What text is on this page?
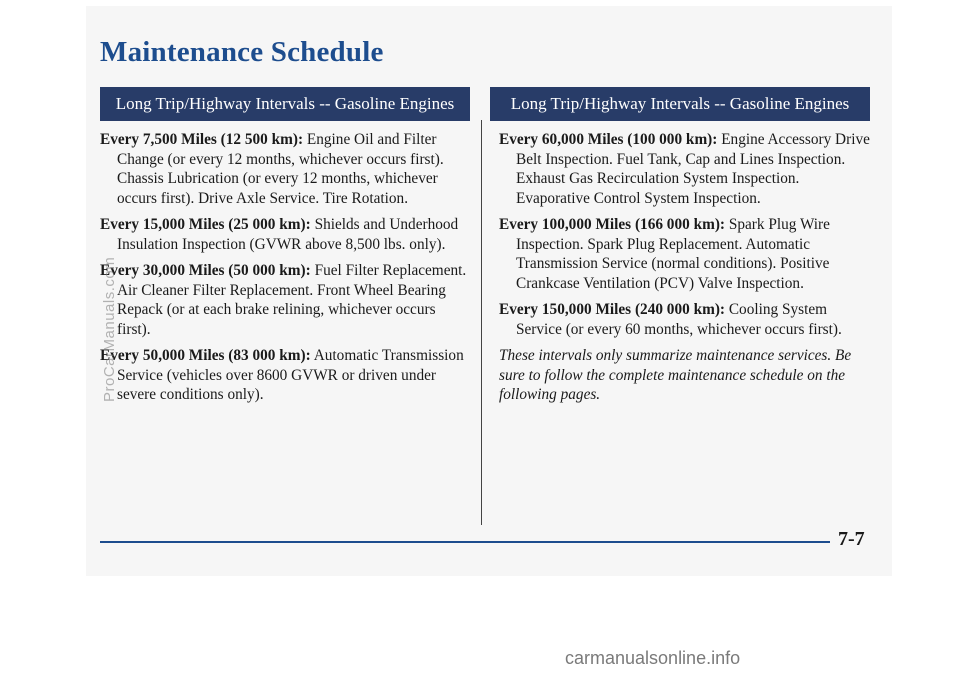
Maintenance Schedule
Long Trip/Highway Intervals -- Gasoline Engines	Long Trip/Highway Intervals -- Gasoline Engines

Every 7,500 Miles (12 500 km): Engine Oil and Filter Change (or every 12 months, whichever occurs first). Chassis Lubrication (or every 12 months, whichever occurs first). Drive Axle Service. Tire Rotation.

Every 15,000 Miles (25 000 km): Shields and Underhood Insulation Inspection (GVWR above 8,500 lbs. only).

Every 30,000 Miles (50 000 km): Fuel Filter Replacement. Air Cleaner Filter Replacement. Front Wheel Bearing Repack (or at each brake relining, whichever occurs first).

Every 50,000 Miles (83 000 km): Automatic Transmission Service (vehicles over 8600 GVWR or driven under severe conditions only).

Every 60,000 Miles (100 000 km): Engine Accessory Drive Belt Inspection. Fuel Tank, Cap and Lines Inspection. Exhaust Gas Recirculation System Inspection. Evaporative Control System Inspection.

Every 100,000 Miles (166 000 km): Spark Plug Wire Inspection. Spark Plug Replacement. Automatic Transmission Service (normal conditions). Positive Crankcase Ventilation (PCV) Valve Inspection.

Every 150,000 Miles (240 000 km): Cooling System Service (or every 60 months, whichever occurs first).

These intervals only summarize maintenance services. Be sure to follow the complete maintenance schedule on the following pages.

7-7
ProCarManuals.com
carmanualsonline.info
